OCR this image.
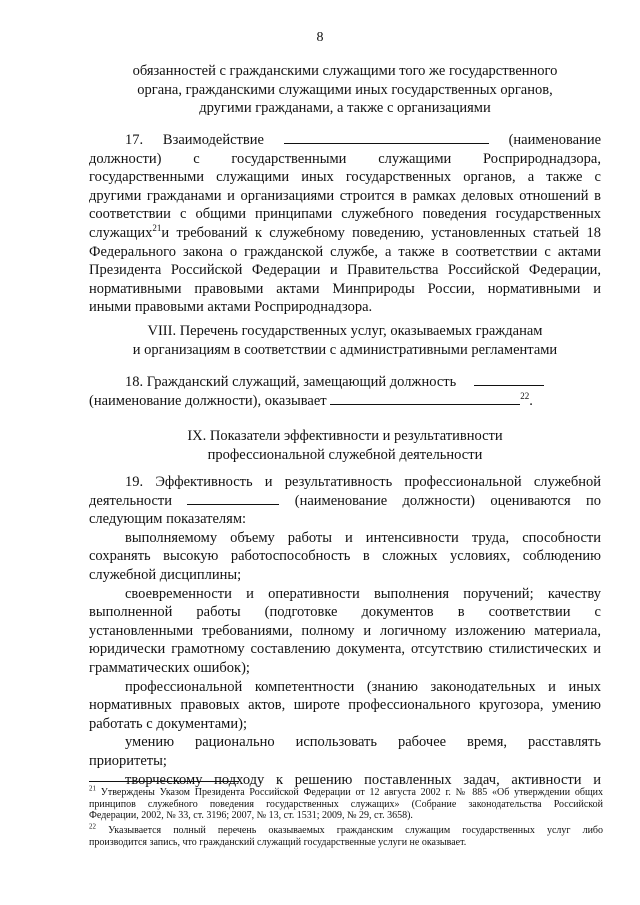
8

обязанностей с гражданскими служащими того же государственного

органа, гражданскими служащими иных государственных органов,

другими гражданами, а также с организациями

17. Взаимодействие	(наименование

должности) с государственными служащими Росприроднадзора,

государственными служащими иных государственных органов, а также с

другими гражданами и организациями строится в рамках деловых отношений в

соответствии с общими принципами служебного поведения государственных

служащих$^{21}$и требований к служебному поведению, установленных статьей 18

Федерального закона о гражданской службе, а также в соответствии с актами

Президента Российской Федерации и Правительства Российской Федерации,

нормативными правовыми актами Минприроды России, нормативными и

иными правовыми актами Росприроднадзора.

VIII. Перечень государственных услуг, оказываемых гражданам

и организациям в соответствии с административными регламентами

18. Гражданский служащий, замещающий должность

(наименование должности), оказывает	$^{22}$.

IX. Показатели эффективности и результативности

профессиональной служебной деятельности

19. Эффективность и результативность профессиональной служебной

деятельности	(наименование должности) оцениваются по

следующим показателям:

выполняемому объему работы и интенсивности труда, способности

сохранять высокую работоспособность в сложных условиях, соблюдению

служебной дисциплины;

своевременности и оперативности выполнения поручений; качеству

выполненной работы (подготовке документов в соответствии с

установленными требованиями, полному и логичному изложению материала,

юридически грамотному составлению документа, отсутствию стилистических и

грамматических ошибок);

профессиональной компетентности (знанию законодательных и иных

нормативных правовых актов, широте профессионального кругозора, умению

работать с документами);

умению рационально использовать рабочее время, расставлять

приоритеты;

творческому подходу к решению поставленных задач, активности и

$^{21}$ Утверждены Указом Президента Российской Федерации от 12 августа 2002 г. № 885 «Об утверждении общих

принципов служебного поведения государственных служащих» (Собрание законодательства Российской

Федерации, 2002, № 33, ст. 3196; 2007, № 13, ст. 1531; 2009, № 29, ст. 3658).

$^{22}$ Указывается полный перечень оказываемых гражданским служащим государственных услуг либо

производится запись, что гражданский служащий государственные услуги не оказывает.
